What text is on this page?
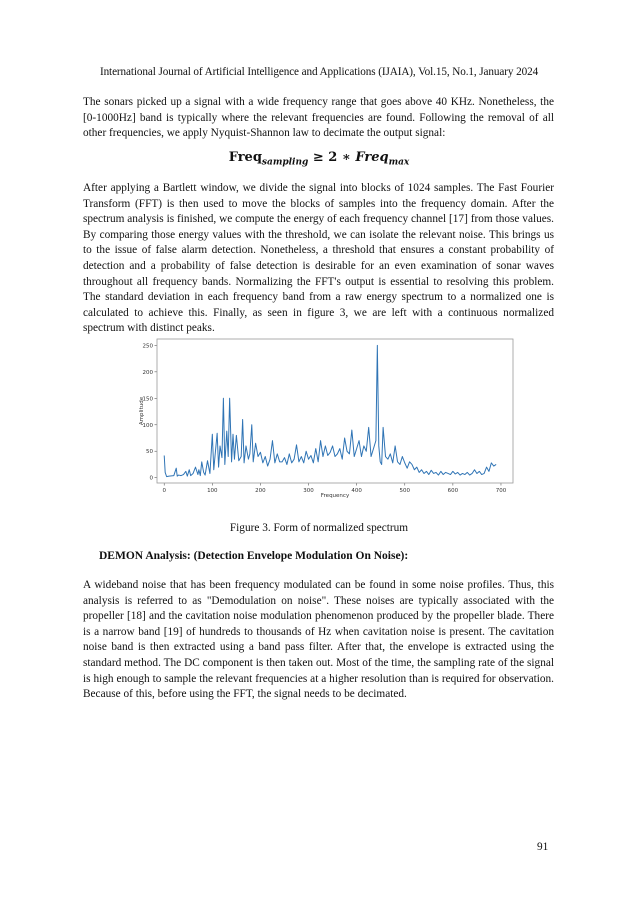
International Journal of Artificial Intelligence and Applications (IJAIA), Vol.15, No.1, January 2024

The sonars picked up a signal with a wide frequency range that goes above 40 KHz. Nonetheless, the [0-1000Hz] band is typically where the relevant frequencies are found. Following the removal of all other frequencies, we apply Nyquist-Shannon law to decimate the output signal:

Freq$_{sampling}$ ≥ 2 ∗ Freq$_{max}$

After applying a Bartlett window, we divide the signal into blocks of 1024 samples. The Fast Fourier Transform (FFT) is then used to move the blocks of samples into the frequency domain. After the spectrum analysis is finished, we compute the energy of each frequency channel [17] from those values. By comparing those energy values with the threshold, we can isolate the relevant noise. This brings us to the issue of false alarm detection. Nonetheless, a threshold that ensures a constant probability of detection and a probability of false detection is desirable for an even examination of sonar waves throughout all frequency bands. Normalizing the FFT's output is essential to resolving this problem. The standard deviation in each frequency band from a raw energy spectrum to a normalized one is calculated to achieve this. Finally, as seen in figure 3, we are left with a continuous normalized spectrum with distinct peaks.

0	100	200	300	400	500	600	700
0
50
100
150
200
250
Frequency
Amplitude
Figure 3. Form of normalized spectrum
DEMON Analysis: (Detection Envelope Modulation On Noise):

A wideband noise that has been frequency modulated can be found in some noise profiles. Thus, this analysis is referred to as "Demodulation on noise". These noises are typically associated with the propeller [18] and the cavitation noise modulation phenomenon produced by the propeller blade. There is a narrow band [19] of hundreds to thousands of Hz when cavitation noise is present. The cavitation noise band is then extracted using a band pass filter. After that, the envelope is extracted using the standard method. The DC component is then taken out. Most of the time, the sampling rate of the signal is high enough to sample the relevant frequencies at a higher resolution than is required for observation. Because of this, before using the FFT, the signal needs to be decimated.

91
